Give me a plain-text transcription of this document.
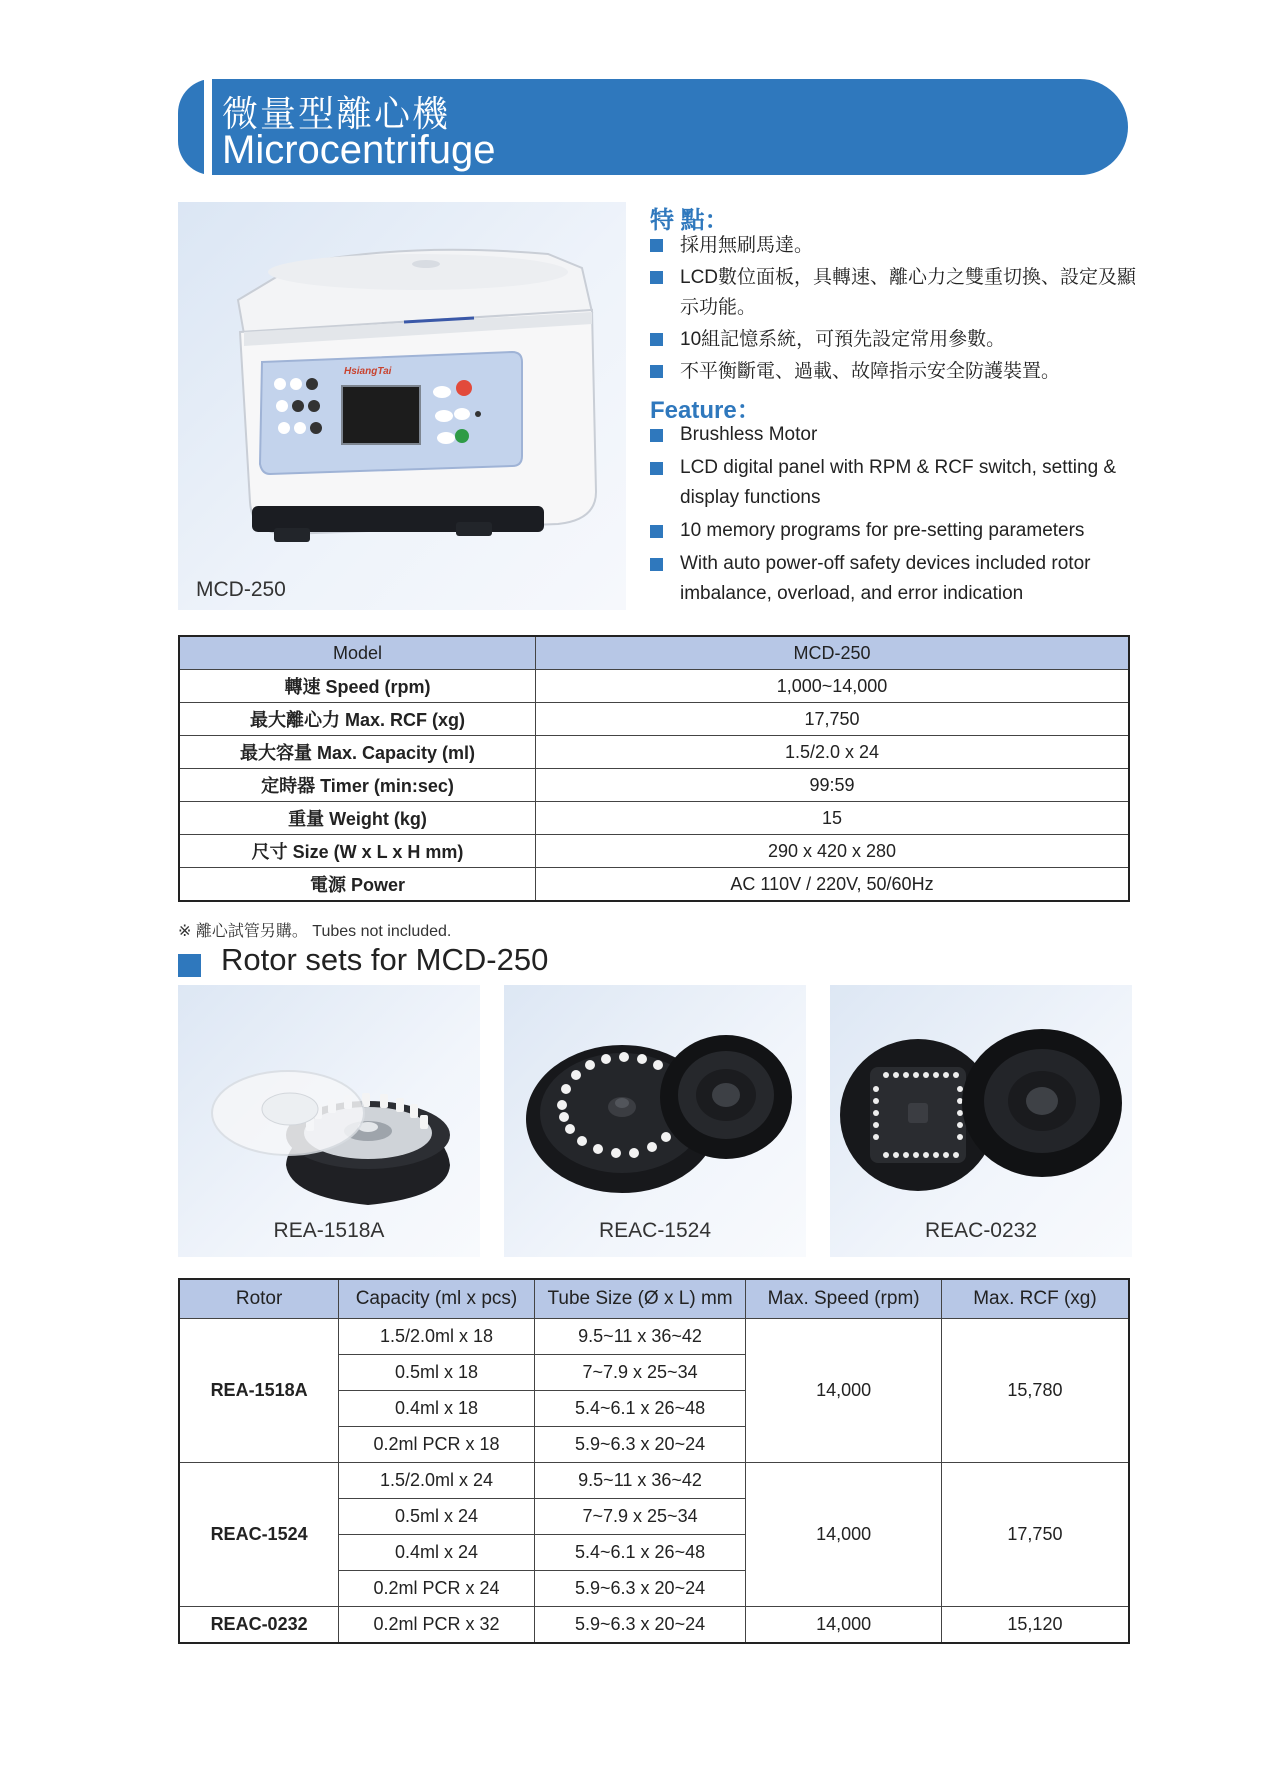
微量型離心機
Microcentrifuge
HsiangTai
MCD-250
特 點：
採用無刷馬達。
LCD數位面板，具轉速、離心力之雙重切換、設定及顯示功能。
10組記憶系統，可預先設定常用參數。
不平衡斷電、過載、故障指示安全防護裝置。
Feature：
Brushless Motor
LCD digital panel with RPM & RCF switch, setting & display functions
10 memory programs for pre-setting parameters
With auto power-off safety devices included rotor imbalance, overload, and error indication
Model	MCD-250
轉速 Speed (rpm)	1,000~14,000
最大離心力 Max. RCF (xg)	17,750
最大容量 Max. Capacity (ml)	1.5/2.0 x 24
定時器 Timer (min:sec)	99:59
重量 Weight (kg)	15
尺寸 Size (W x L x H mm)	290 x 420 x 280
電源 Power	AC 110V / 220V, 50/60Hz
※ 離心試管另購。 Tubes not included.
Rotor sets for MCD-250
REA-1518A	REAC-1524	REAC-0232
Rotor	Capacity (ml x pcs)	Tube Size (Ø x L) mm	Max. Speed (rpm)	Max. RCF (xg)
REA-1518A	1.5/2.0ml x 18	9.5~11 x 36~42	14,000	15,780
	0.5ml x 18	7~7.9 x 25~34		
	0.4ml x 18	5.4~6.1 x 26~48		
	0.2ml PCR x 18	5.9~6.3 x 20~24		
REAC-1524	1.5/2.0ml x 24	9.5~11 x 36~42	14,000	17,750
	0.5ml x 24	7~7.9 x 25~34		
	0.4ml x 24	5.4~6.1 x 26~48		
	0.2ml PCR x 24	5.9~6.3 x 20~24		
REAC-0232	0.2ml PCR x 32	5.9~6.3 x 20~24	14,000	15,120
